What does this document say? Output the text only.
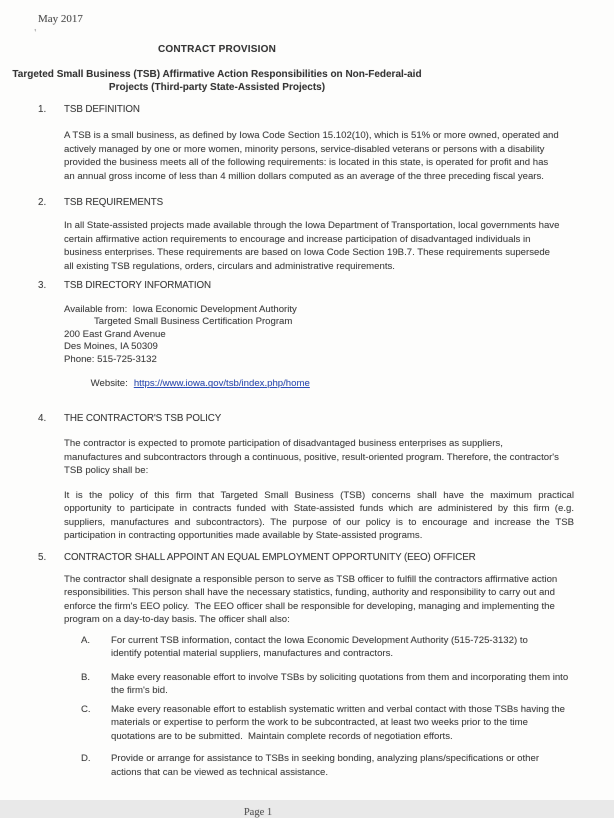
May 2017
‛
CONTRACT PROVISION
Targeted Small Business (TSB) Affirmative Action Responsibilities on Non-Federal-aid
Projects (Third-party State-Assisted Projects)
1.	TSB DEFINITION
A TSB is a small business, as defined by Iowa Code Section 15.102(10), which is 51% or more owned, operated and
actively managed by one or more women, minority persons, service-disabled veterans or persons with a disability
provided the business meets all of the following requirements: is located in this state, is operated for profit and has
an annual gross income of less than 4 million dollars computed as an average of the three preceding fiscal years.
2.	TSB REQUIREMENTS
In all State-assisted projects made available through the Iowa Department of Transportation, local governments have
certain affirmative action requirements to encourage and increase participation of disadvantaged individuals in
business enterprises. These requirements are based on Iowa Code Section 19B.7. These requirements supersede
all existing TSB regulations, orders, circulars and administrative requirements.
3.	TSB DIRECTORY INFORMATION
Available from:  Iowa Economic Development Authority
Targeted Small Business Certification Program
200 East Grand Avenue
Des Moines, IA 50309
Phone: 515-725-3132

Website: https://www.iowa.gov/tsb/index.php/home

4.	THE CONTRACTOR'S TSB POLICY
The contractor is expected to promote participation of disadvantaged business enterprises as suppliers,
manufactures and subcontractors through a continuous, positive, result-oriented program. Therefore, the contractor's
TSB policy shall be:
It is the policy of this firm that Targeted Small Business (TSB) concerns shall have the maximum practical
opportunity to participate in contracts funded with State-assisted funds which are administered by this firm (e.g.
suppliers, manufactures and subcontractors). The purpose of our policy is to encourage and increase the TSB
participation in contracting opportunities made available by State-assisted programs.
5.	CONTRACTOR SHALL APPOINT AN EQUAL EMPLOYMENT OPPORTUNITY (EEO) OFFICER
The contractor shall designate a responsible person to serve as TSB officer to fulfill the contractors affirmative action
responsibilities. This person shall have the necessary statistics, funding, authority and responsibility to carry out and
enforce the firm's EEO policy.  The EEO officer shall be responsible for developing, managing and implementing the
program on a day-to-day basis. The officer shall also:
A.	For current TSB information, contact the Iowa Economic Development Authority (515-725-3132) to
identify potential material suppliers, manufactures and contractors.
B.	Make every reasonable effort to involve TSBs by soliciting quotations from them and incorporating them into
the firm's bid.
C.	Make every reasonable effort to establish systematic written and verbal contact with those TSBs having the
materials or expertise to perform the work to be subcontracted, at least two weeks prior to the time
quotations are to be submitted.  Maintain complete records of negotiation efforts.
D.	Provide or arrange for assistance to TSBs in seeking bonding, analyzing plans/specifications or other
actions that can be viewed as technical assistance.
Page 1
